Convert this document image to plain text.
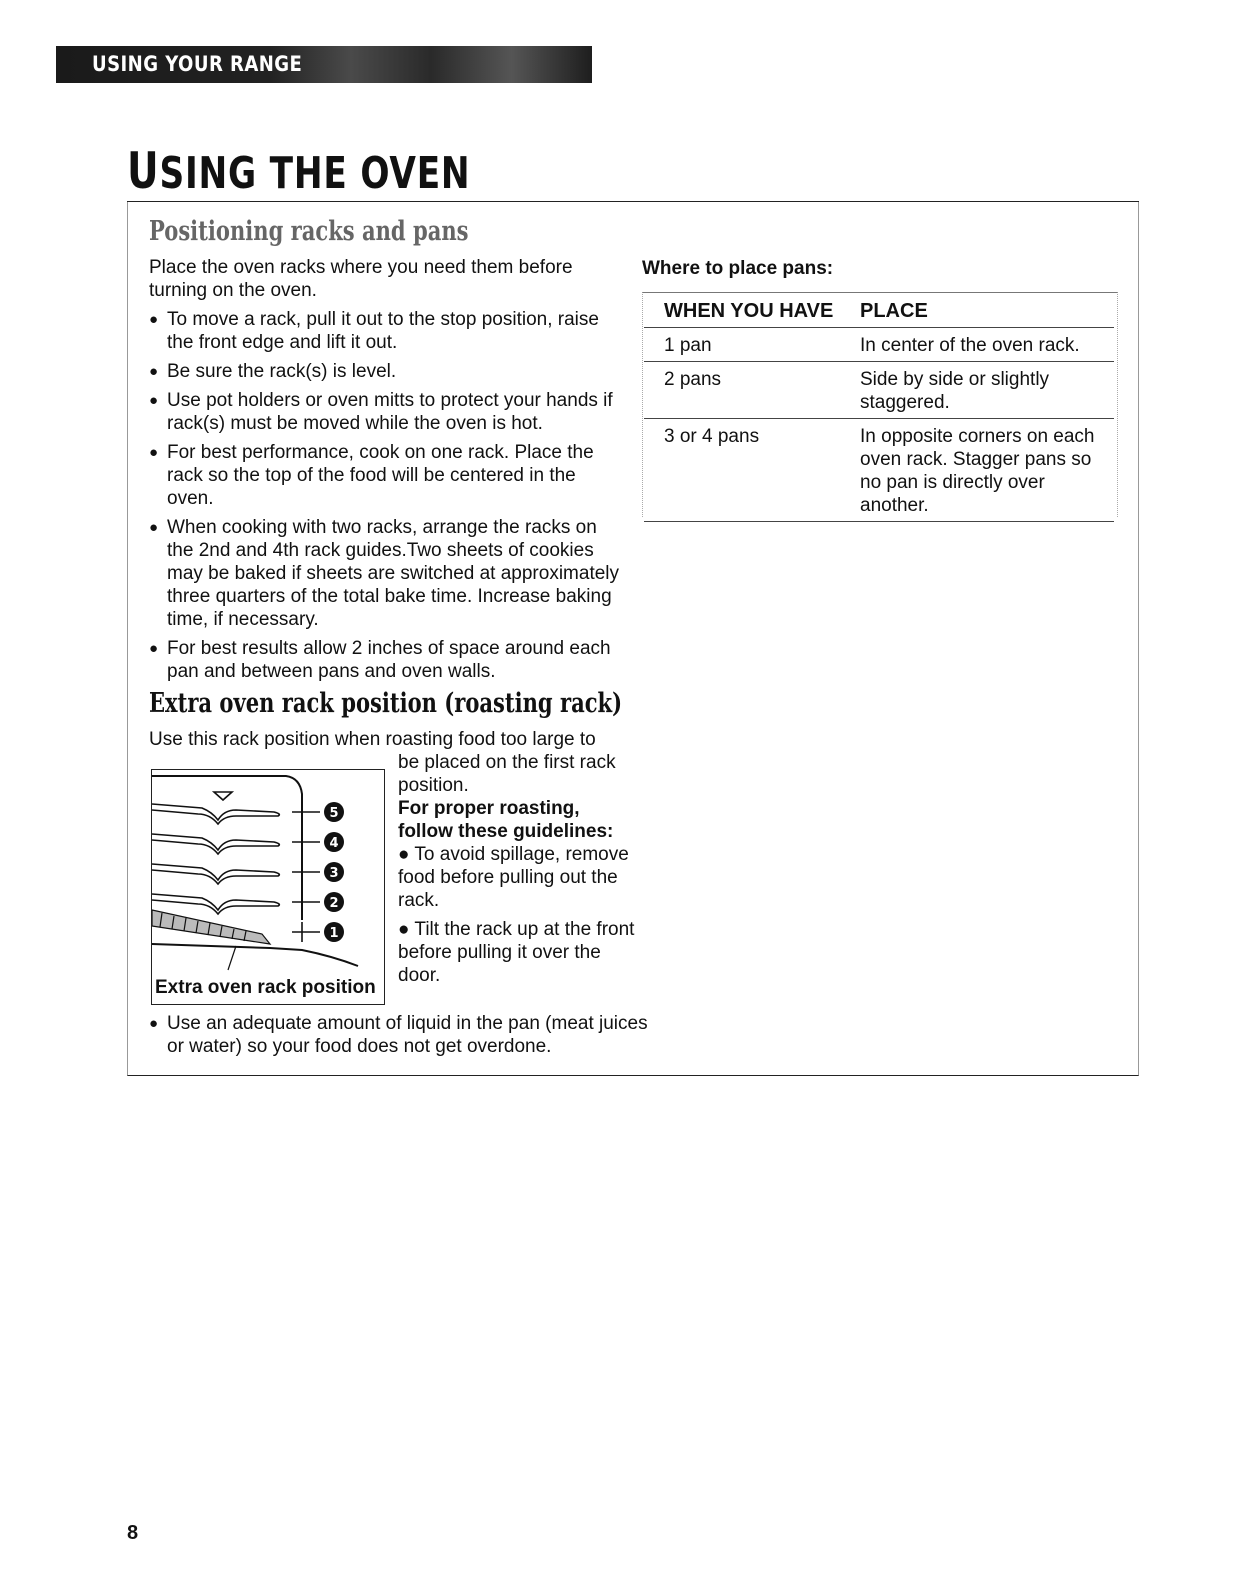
USING YOUR RANGE
USING THE OVEN
Positioning racks and pans
Place the oven racks where you need them before turning on the oven.
● To move a rack, pull it out to the stop position, raise the front edge and lift it out.
● Be sure the rack(s) is level.
● Use pot holders or oven mitts to protect your hands if rack(s) must be moved while the oven is hot.
● For best performance, cook on one rack. Place the rack so the top of the food will be centered in the oven.
● When cooking with two racks, arrange the racks on the 2nd and 4th rack guides.Two sheets of cookies may be baked if sheets are switched at approximately three quarters of the total bake time. Increase baking time, if necessary.
● For best results allow 2 inches of space around each pan and between pans and oven walls.
Where to place pans:
WHEN YOU HAVE	PLACE
1 pan	In center of the oven rack.
2 pans	Side by side or slightly staggered.
3 or 4 pans	In opposite corners on each oven rack. Stagger pans so no pan is directly over another.
Extra oven rack position (roasting rack)
Use this rack position when roasting food too large to
5
4
3
2
1
Extra oven rack position
be placed on the first rack position.
For proper roasting, follow these guidelines:
● To avoid spillage, remove food before pulling out the rack.
● Tilt the rack up at the front before pulling it over the door.
● Use an adequate amount of liquid in the pan (meat juices or water) so your food does not get overdone.
8
